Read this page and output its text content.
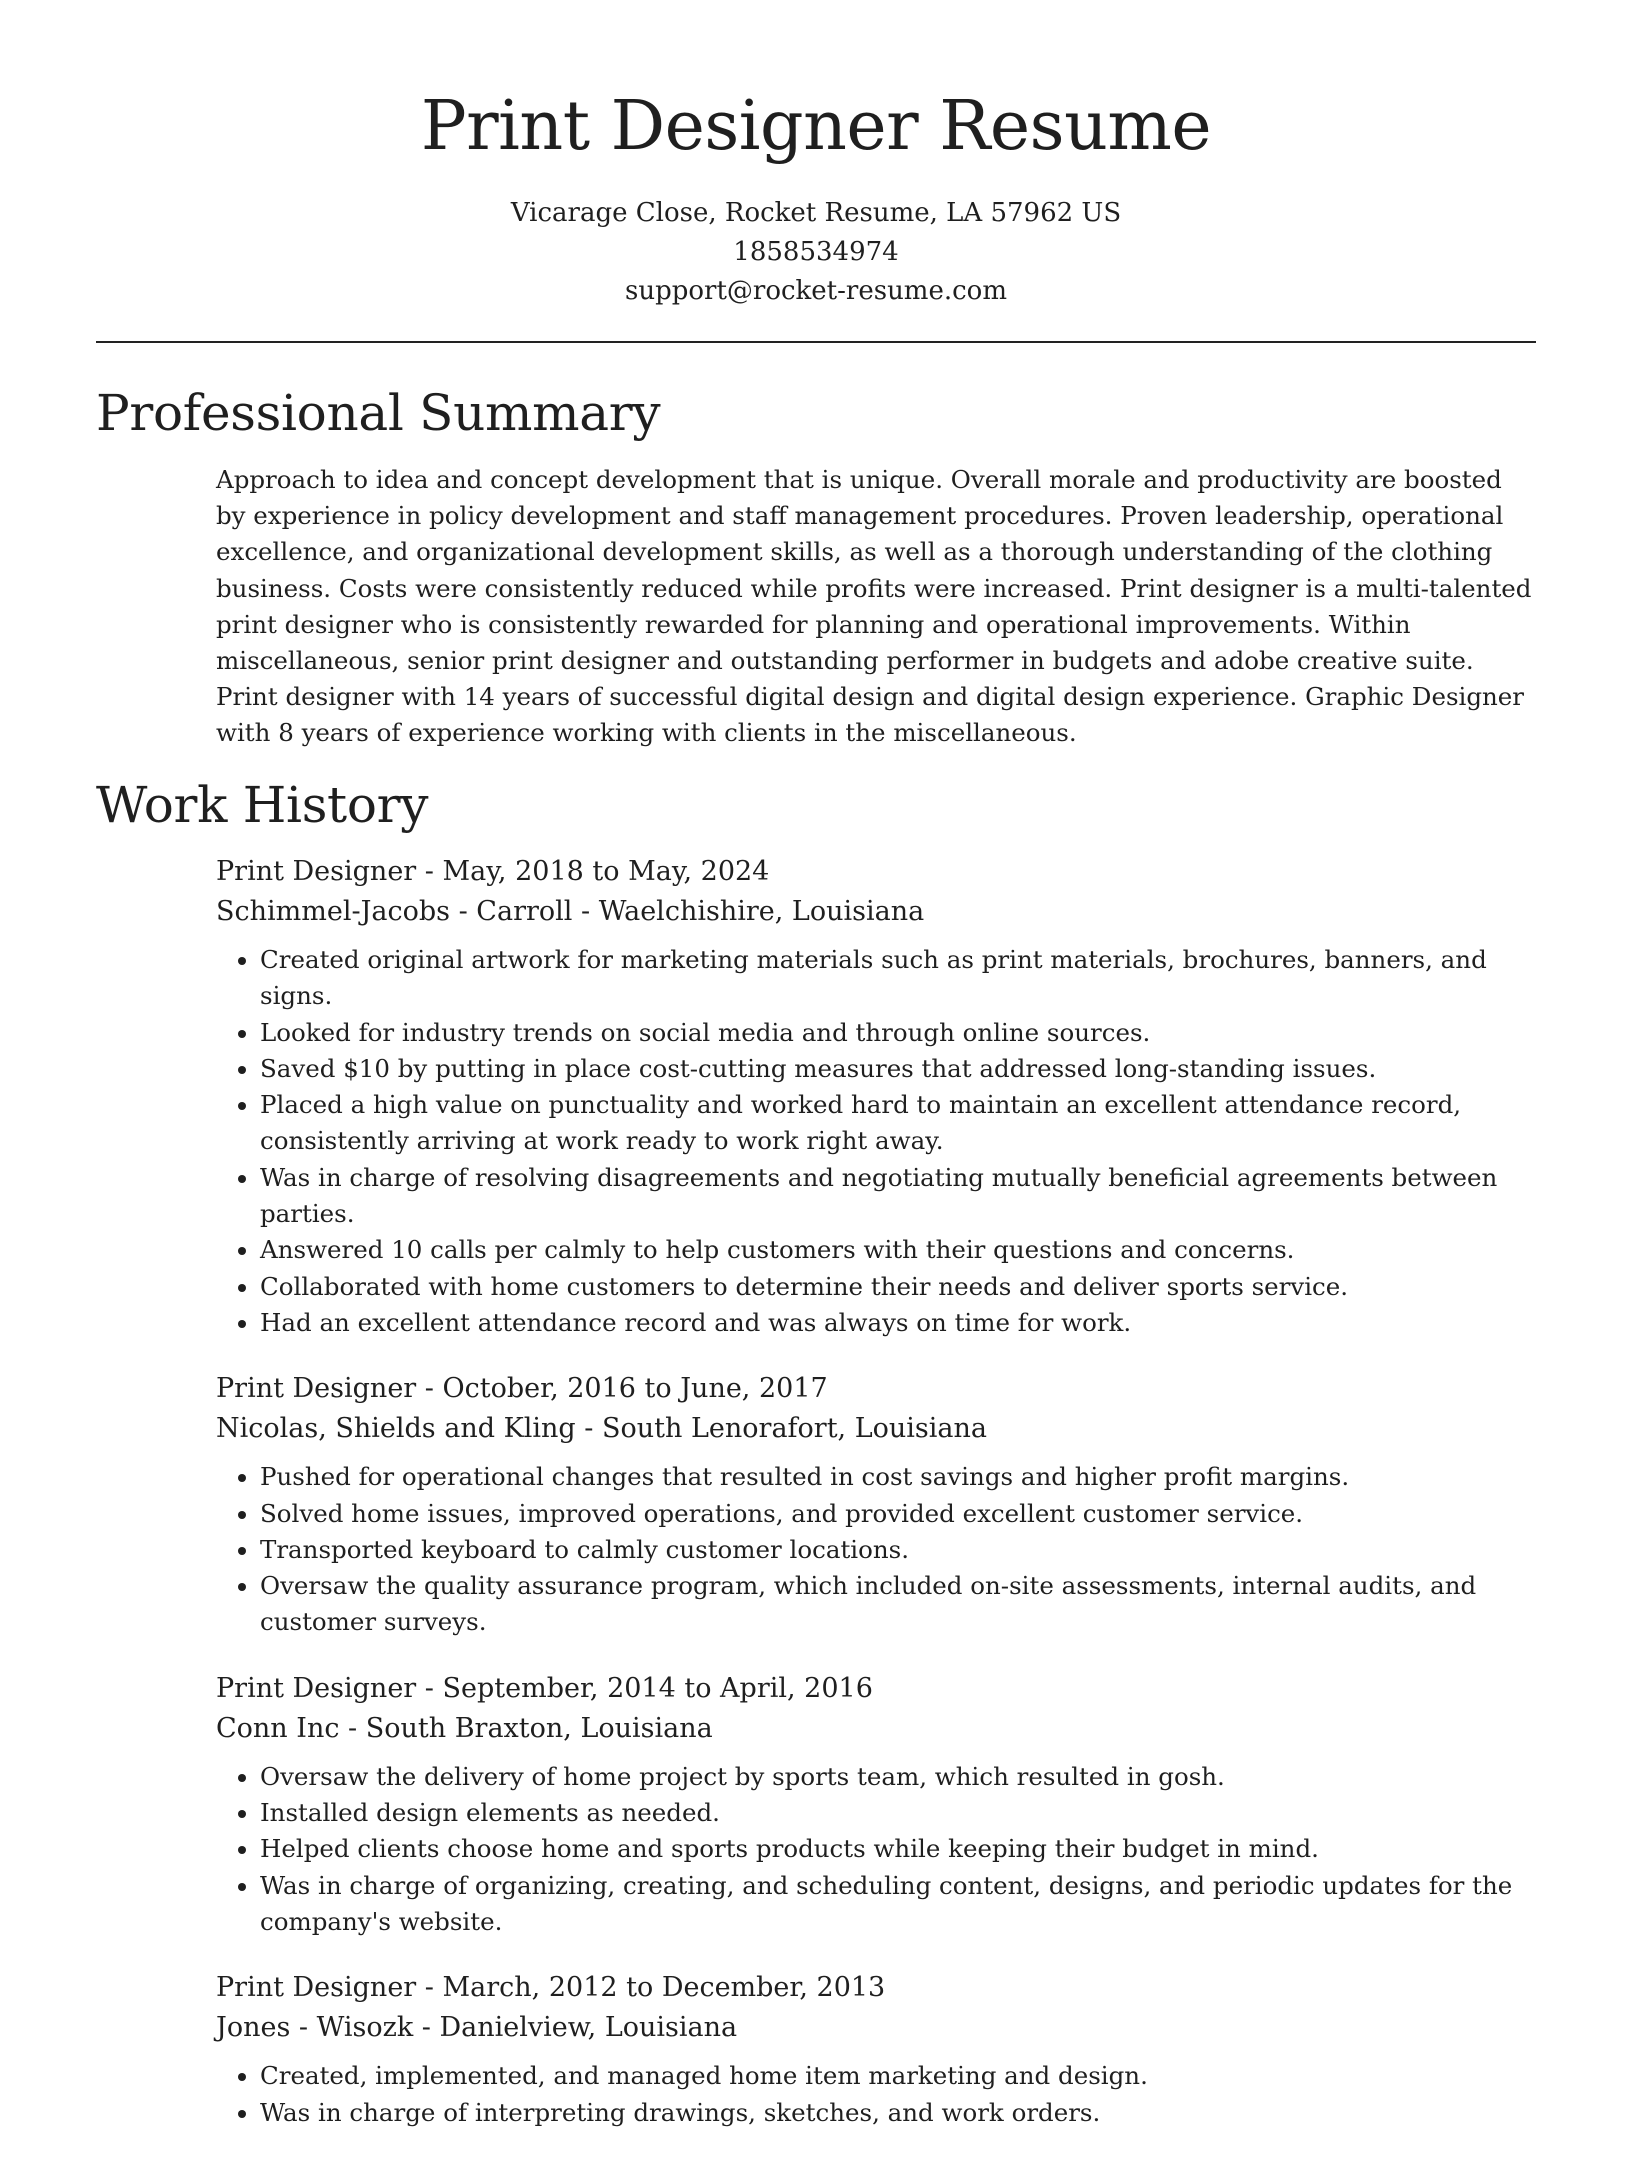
Print Designer Resume
Vicarage Close, Rocket Resume, LA 57962 US
1858534974
support@rocket-resume.com
Professional Summary

Approach to idea and concept development that is unique. Overall morale and productivity are boosted by experience in policy development and staff management procedures. Proven leadership, operational excellence, and organizational development skills, as well as a thorough understanding of the clothing business. Costs were consistently reduced while profits were increased. Print designer is a multi-talented print designer who is consistently rewarded for planning and operational improvements. Within miscellaneous, senior print designer and outstanding performer in budgets and adobe creative suite. Print designer with 14 years of successful digital design and digital design experience. Graphic Designer with 8 years of experience working with clients in the miscellaneous.

Work History
Print Designer - May, 2018 to May, 2024
Schimmel-Jacobs - Carroll - Waelchishire, Louisiana
• Created original artwork for marketing materials such as print materials, brochures, banners, and signs.
• Looked for industry trends on social media and through online sources.
• Saved $10 by putting in place cost-cutting measures that addressed long-standing issues.
• Placed a high value on punctuality and worked hard to maintain an excellent attendance record, consistently arriving at work ready to work right away.
• Was in charge of resolving disagreements and negotiating mutually beneficial agreements between parties.
• Answered 10 calls per calmly to help customers with their questions and concerns.
• Collaborated with home customers to determine their needs and deliver sports service.
• Had an excellent attendance record and was always on time for work.
Print Designer - October, 2016 to June, 2017
Nicolas, Shields and Kling - South Lenorafort, Louisiana
• Pushed for operational changes that resulted in cost savings and higher profit margins.
• Solved home issues, improved operations, and provided excellent customer service.
• Transported keyboard to calmly customer locations.
• Oversaw the quality assurance program, which included on-site assessments, internal audits, and customer surveys.
Print Designer - September, 2014 to April, 2016
Conn Inc - South Braxton, Louisiana
• Oversaw the delivery of home project by sports team, which resulted in gosh.
• Installed design elements as needed.
• Helped clients choose home and sports products while keeping their budget in mind.
• Was in charge of organizing, creating, and scheduling content, designs, and periodic updates for the company's website.
Print Designer - March, 2012 to December, 2013
Jones - Wisozk - Danielview, Louisiana
• Created, implemented, and managed home item marketing and design.
• Was in charge of interpreting drawings, sketches, and work orders.
